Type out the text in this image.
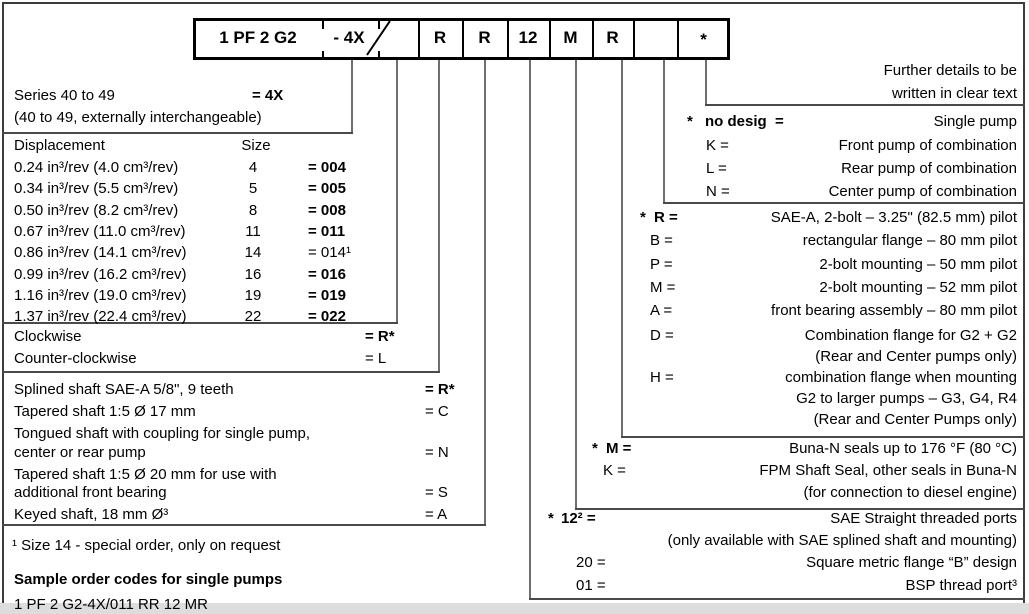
1 PF 2 G2	- 4X	R	R	12	M	R	*
Series 40 to 49	= 4X
(40 to 49, externally interchangeable)
Displacement	Size
0.24 in³/rev (4.0 cm³/rev)	4	= 004
0.34 in³/rev (5.5 cm³/rev)	5	= 005
0.50 in³/rev (8.2 cm³/rev)	8	= 008
0.67 in³/rev (11.0 cm³/rev)	11	= 011
0.86 in³/rev (14.1 cm³/rev)	14	= 014¹
0.99 in³/rev (16.2 cm³/rev)	16	= 016
1.16 in³/rev (19.0 cm³/rev)	19	= 019
1.37 in³/rev (22.4 cm³/rev)	22	= 022
Clockwise	= R*
Counter-clockwise	= L
Splined shaft SAE-A 5/8", 9 teeth	= R*
Tapered shaft 1:5 Ø 17 mm	= C
Tongued shaft with coupling for single pump,
center or rear pump	= N
Tapered shaft 1:5 Ø 20 mm for use with
additional front bearing	= S
Keyed shaft, 18 mm Ø³	= A
¹ Size 14 - special order, only on request
Sample order codes for single pumps
1 PF 2 G2-4X/011 RR 12 MR
Further details to be
written in clear text
* no desig  =	Single pump
K =	Front pump of combination
L =	Rear pump of combination
N =	Center pump of combination
* R =	SAE-A, 2-bolt – 3.25" (82.5 mm) pilot
B =	rectangular flange – 80 mm pilot
P =	2-bolt mounting – 50 mm pilot
M =	2-bolt mounting – 52 mm pilot
A =	front bearing assembly – 80 mm pilot
D =	Combination flange for G2 + G2
(Rear and Center pumps only)
H =	combination flange when mounting
G2 to larger pumps – G3, G4, R4
(Rear and Center Pumps only)
* M =	Buna-N seals up to 176 °F (80 °C)
K =	FPM Shaft Seal, other seals in Buna-N
(for connection to diesel engine)
* 12² =	SAE Straight threaded ports
(only available with SAE splined shaft and mounting)
20 =	Square metric flange “B” design
01 =	BSP thread port³
